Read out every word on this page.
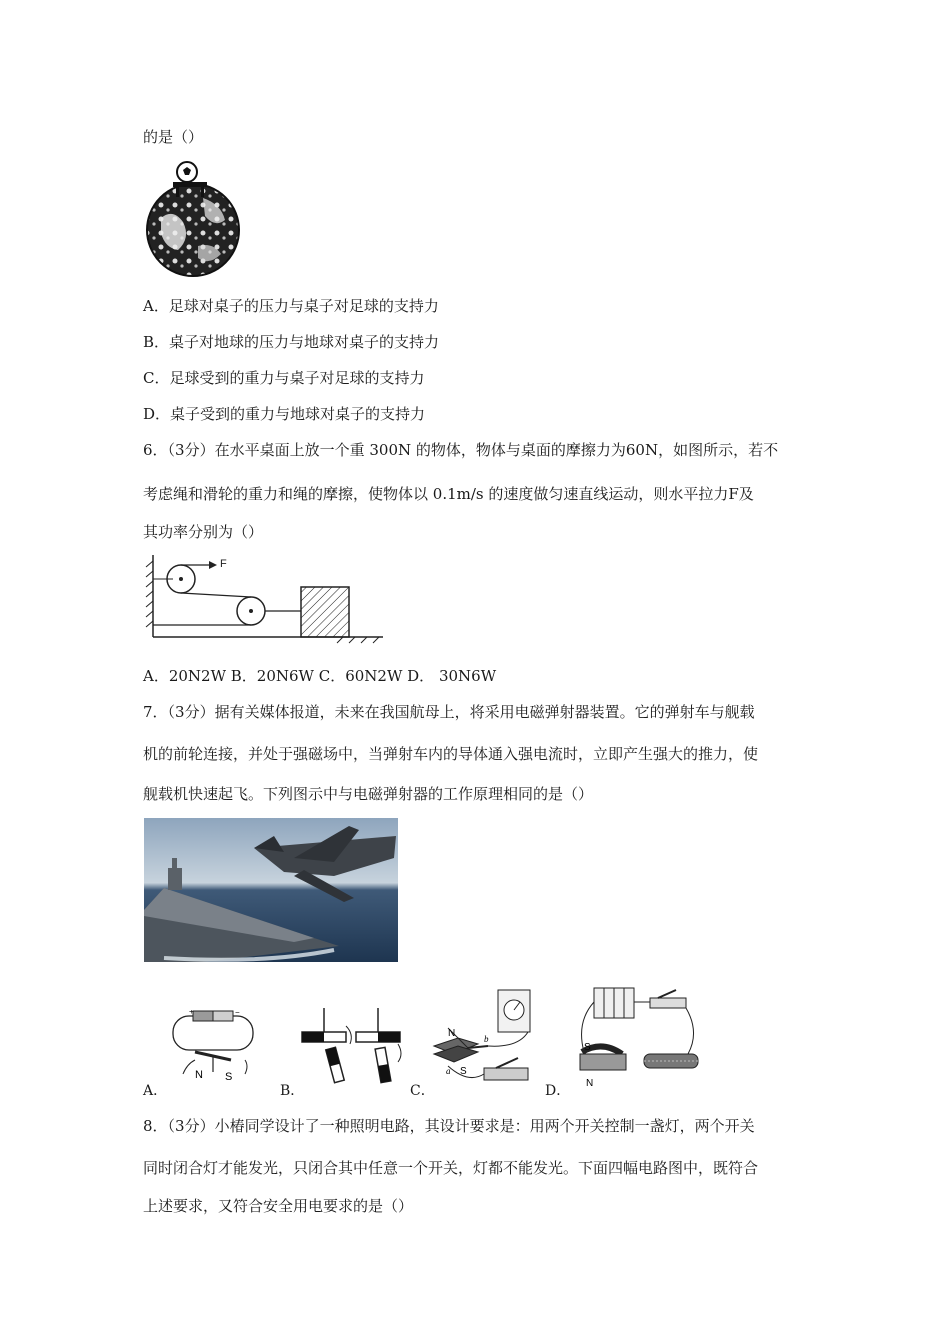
的是（）
A．足球对桌子的压力与桌子对足球的支持力
B．桌子对地球的压力与地球对桌子的支持力
C．足球受到的重力与桌子对足球的支持力
D．桌子受到的重力与地球对桌子的支持力
6．（3分）在水平桌面上放一个重 300N 的物体，物体与桌面的摩擦力为60N，如图所示，若不
考虑绳和滑轮的重力和绳的摩擦，使物体以 0.1m/s 的速度做匀速直线运动，则水平拉力F及
其功率分别为（）
F
A．20N2W B．20N6W C．60N2W D． 30N6W
7．（3分）据有关媒体报道，未来在我国航母上，将采用电磁弹射器装置。它的弹射车与舰载
机的前轮连接，并处于强磁场中，当弹射车内的导体通入强电流时，立即产生强大的推力，使
舰载机快速起飞。下列图示中与电磁弹射器的工作原理相同的是（）
+	−
N S
N
S
a
b
S
N
A．	B．	C．	D．
8．（3分）小椿同学设计了一种照明电路，其设计要求是：用两个开关控制一盏灯，两个开关
同时闭合灯才能发光，只闭合其中任意一个开关，灯都不能发光。下面四幅电路图中，既符合
上述要求，又符合安全用电要求的是（）
